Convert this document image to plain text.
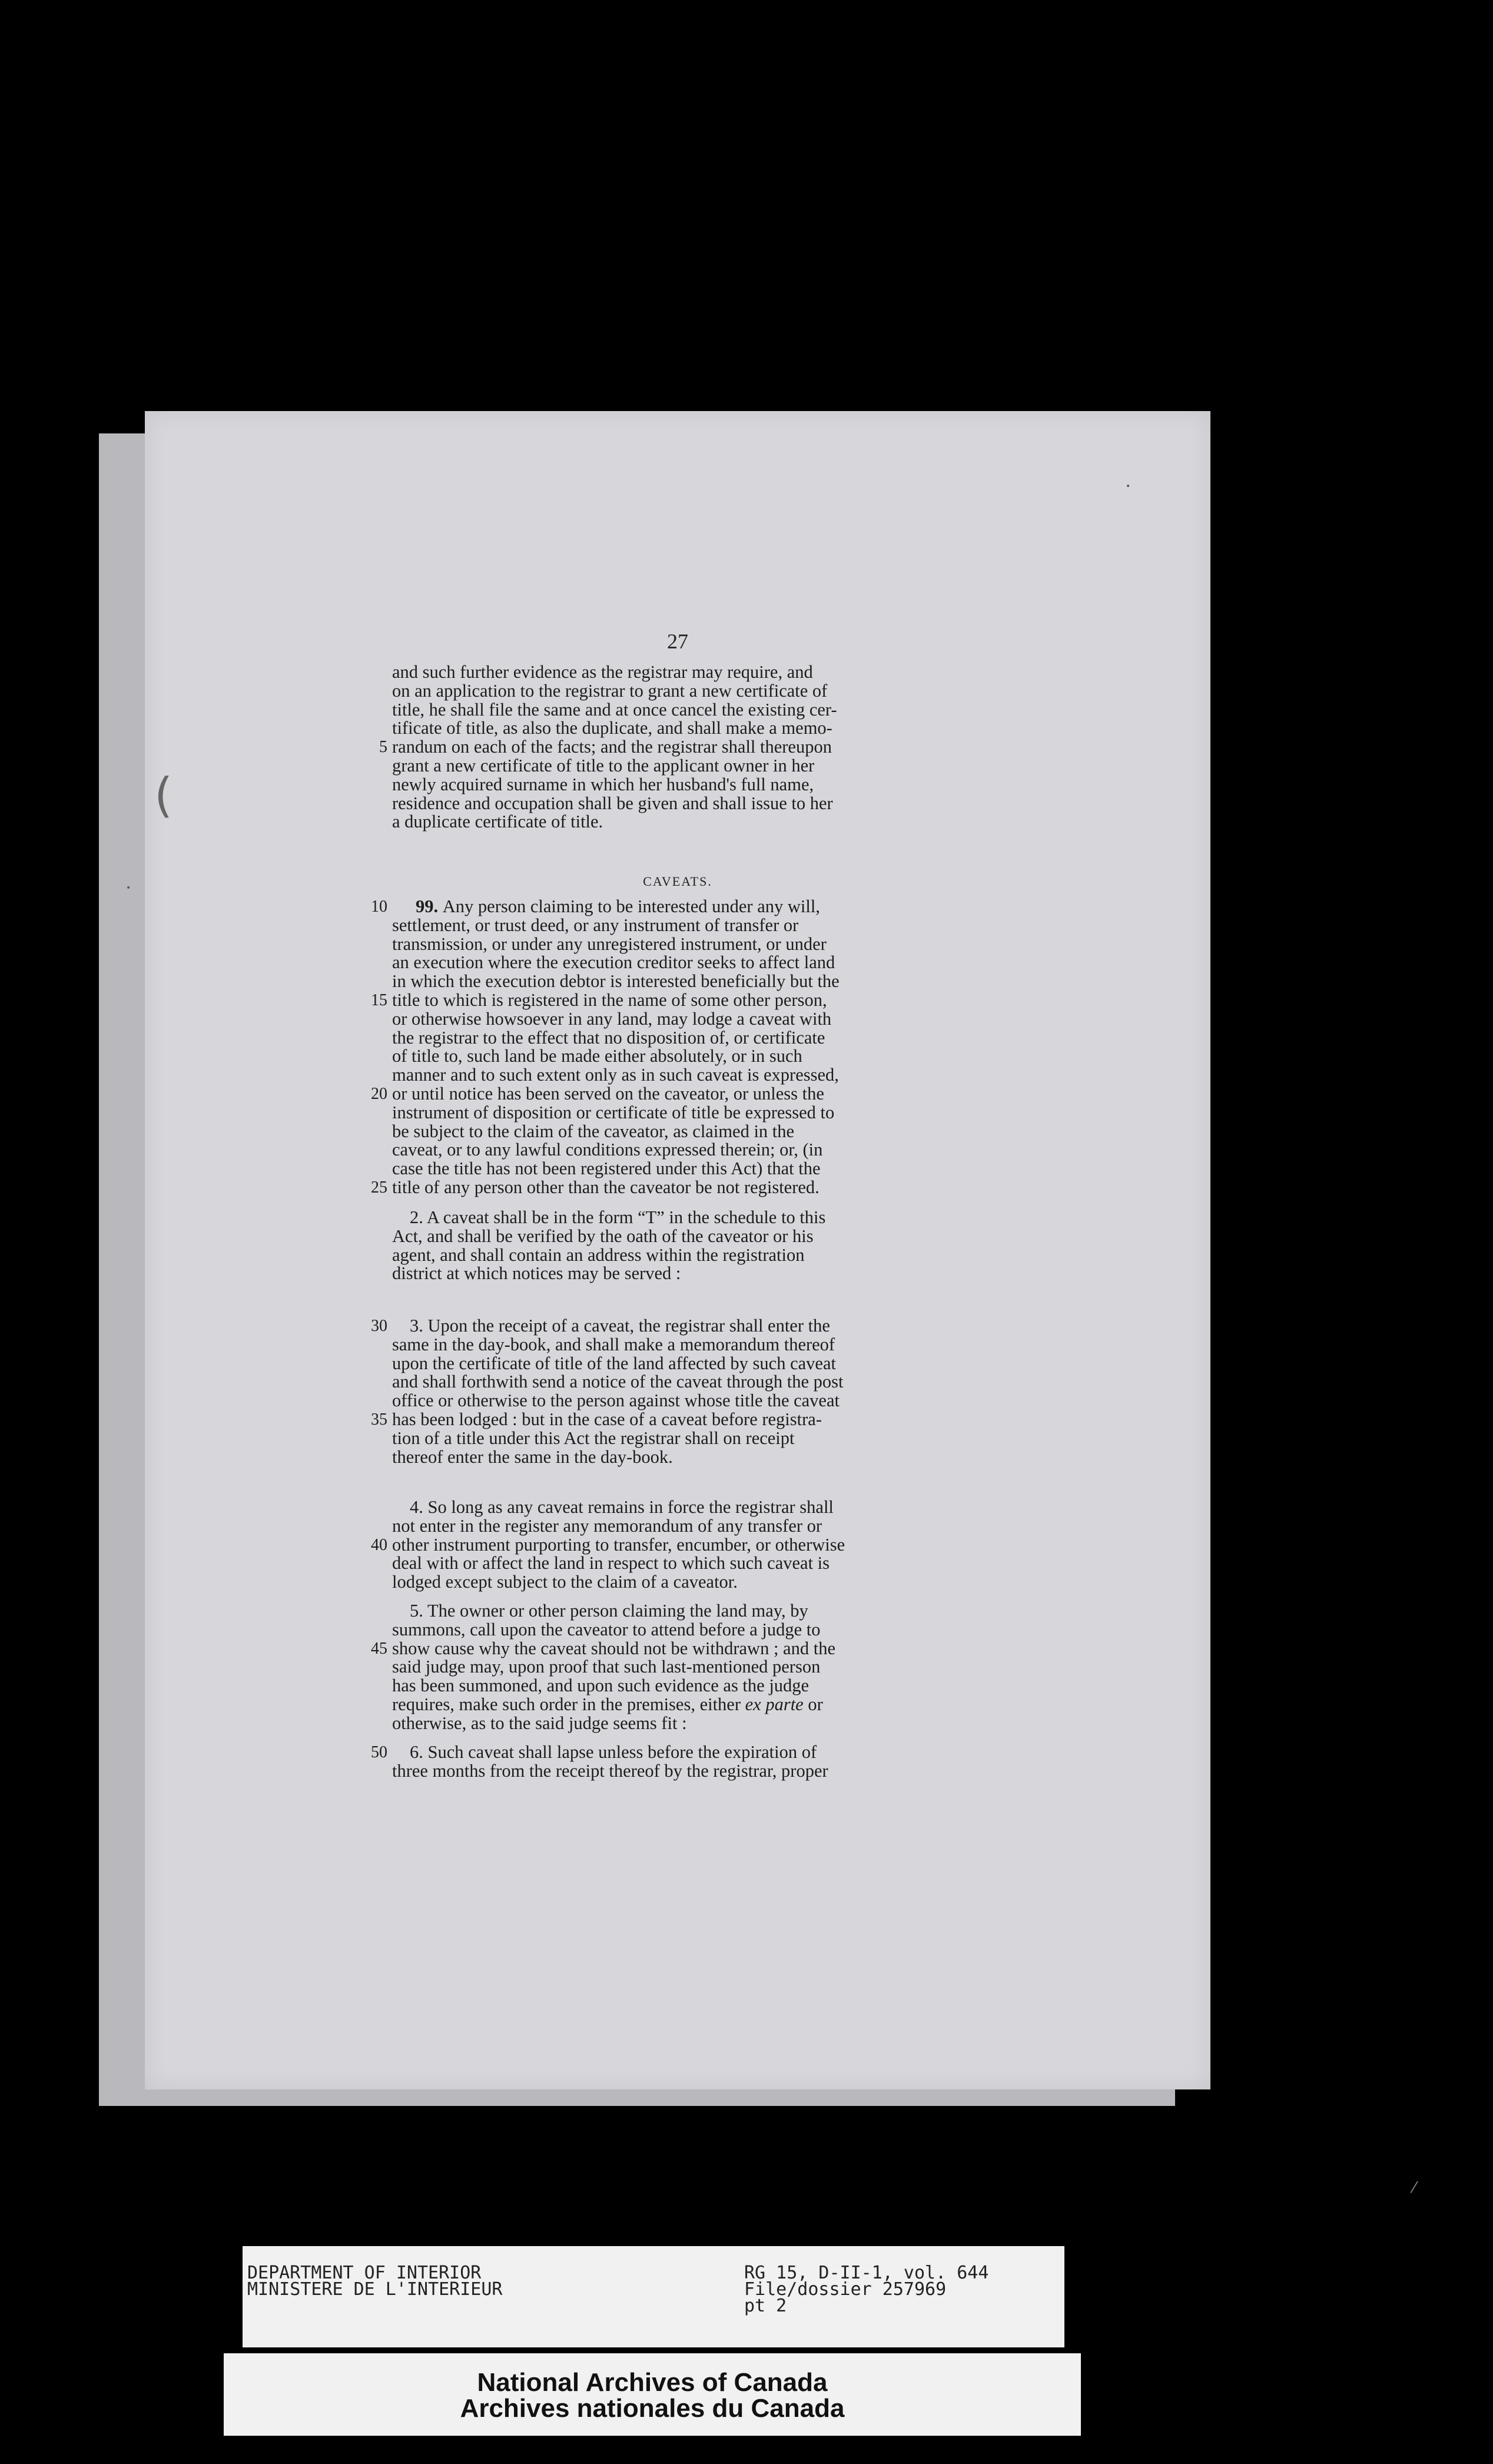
27
and such further evidence as the registrar may require, and
on an application to the registrar to grant a new certificate of
title, he shall file the same and at once cancel the existing cer-
tificate of title, as also the duplicate, and shall make a memo-
5 randum on each of the facts; and the registrar shall thereupon
grant a new certificate of title to the applicant owner in her
newly acquired surname in which her husband's full name,
residence and occupation shall be given and shall issue to her
a duplicate certificate of title.
CAVEATS.
10 99. Any person claiming to be interested under any will,
settlement, or trust deed, or any instrument of transfer or
transmission, or under any unregistered instrument, or under
an execution where the execution creditor seeks to affect land
in which the execution debtor is interested beneficially but the
15 title to which is registered in the name of some other person,
or otherwise howsoever in any land, may lodge a caveat with
the registrar to the effect that no disposition of, or certificate
of title to, such land be made either absolutely, or in such
manner and to such extent only as in such caveat is expressed,
20 or until notice has been served on the caveator, or unless the
instrument of disposition or certificate of title be expressed to
be subject to the claim of the caveator, as claimed in the
caveat, or to any lawful conditions expressed therein; or, (in
case the title has not been registered under this Act) that the
25 title of any person other than the caveator be not registered.
2. A caveat shall be in the form “T” in the schedule to this
Act, and shall be verified by the oath of the caveator or his
agent, and shall contain an address within the registration
district at which notices may be served :
30 3. Upon the receipt of a caveat, the registrar shall enter the
same in the day-book, and shall make a memorandum thereof
upon the certificate of title of the land affected by such caveat
and shall forthwith send a notice of the caveat through the post
office or otherwise to the person against whose title the caveat
35 has been lodged : but in the case of a caveat before registra-
tion of a title under this Act the registrar shall on receipt
thereof enter the same in the day-book.
4. So long as any caveat remains in force the registrar shall
not enter in the register any memorandum of any transfer or
40 other instrument purporting to transfer, encumber, or otherwise
deal with or affect the land in respect to which such caveat is
lodged except subject to the claim of a caveator.
5. The owner or other person claiming the land may, by
summons, call upon the caveator to attend before a judge to
45 show cause why the caveat should not be withdrawn ; and the
said judge may, upon proof that such last-mentioned person
has been summoned, and upon such evidence as the judge
requires, make such order in the premises, either ex parte or
otherwise, as to the said judge seems fit :
50 6. Such caveat shall lapse unless before the expiration of
three months from the receipt thereof by the registrar, proper
•
(
•
⁄
DEPARTMENT OF INTERIOR
MINISTERE DE L'INTERIEUR
RG 15, D-II-1, vol. 644
File/dossier 257969
pt 2
National Archives of Canada
Archives nationales du Canada
